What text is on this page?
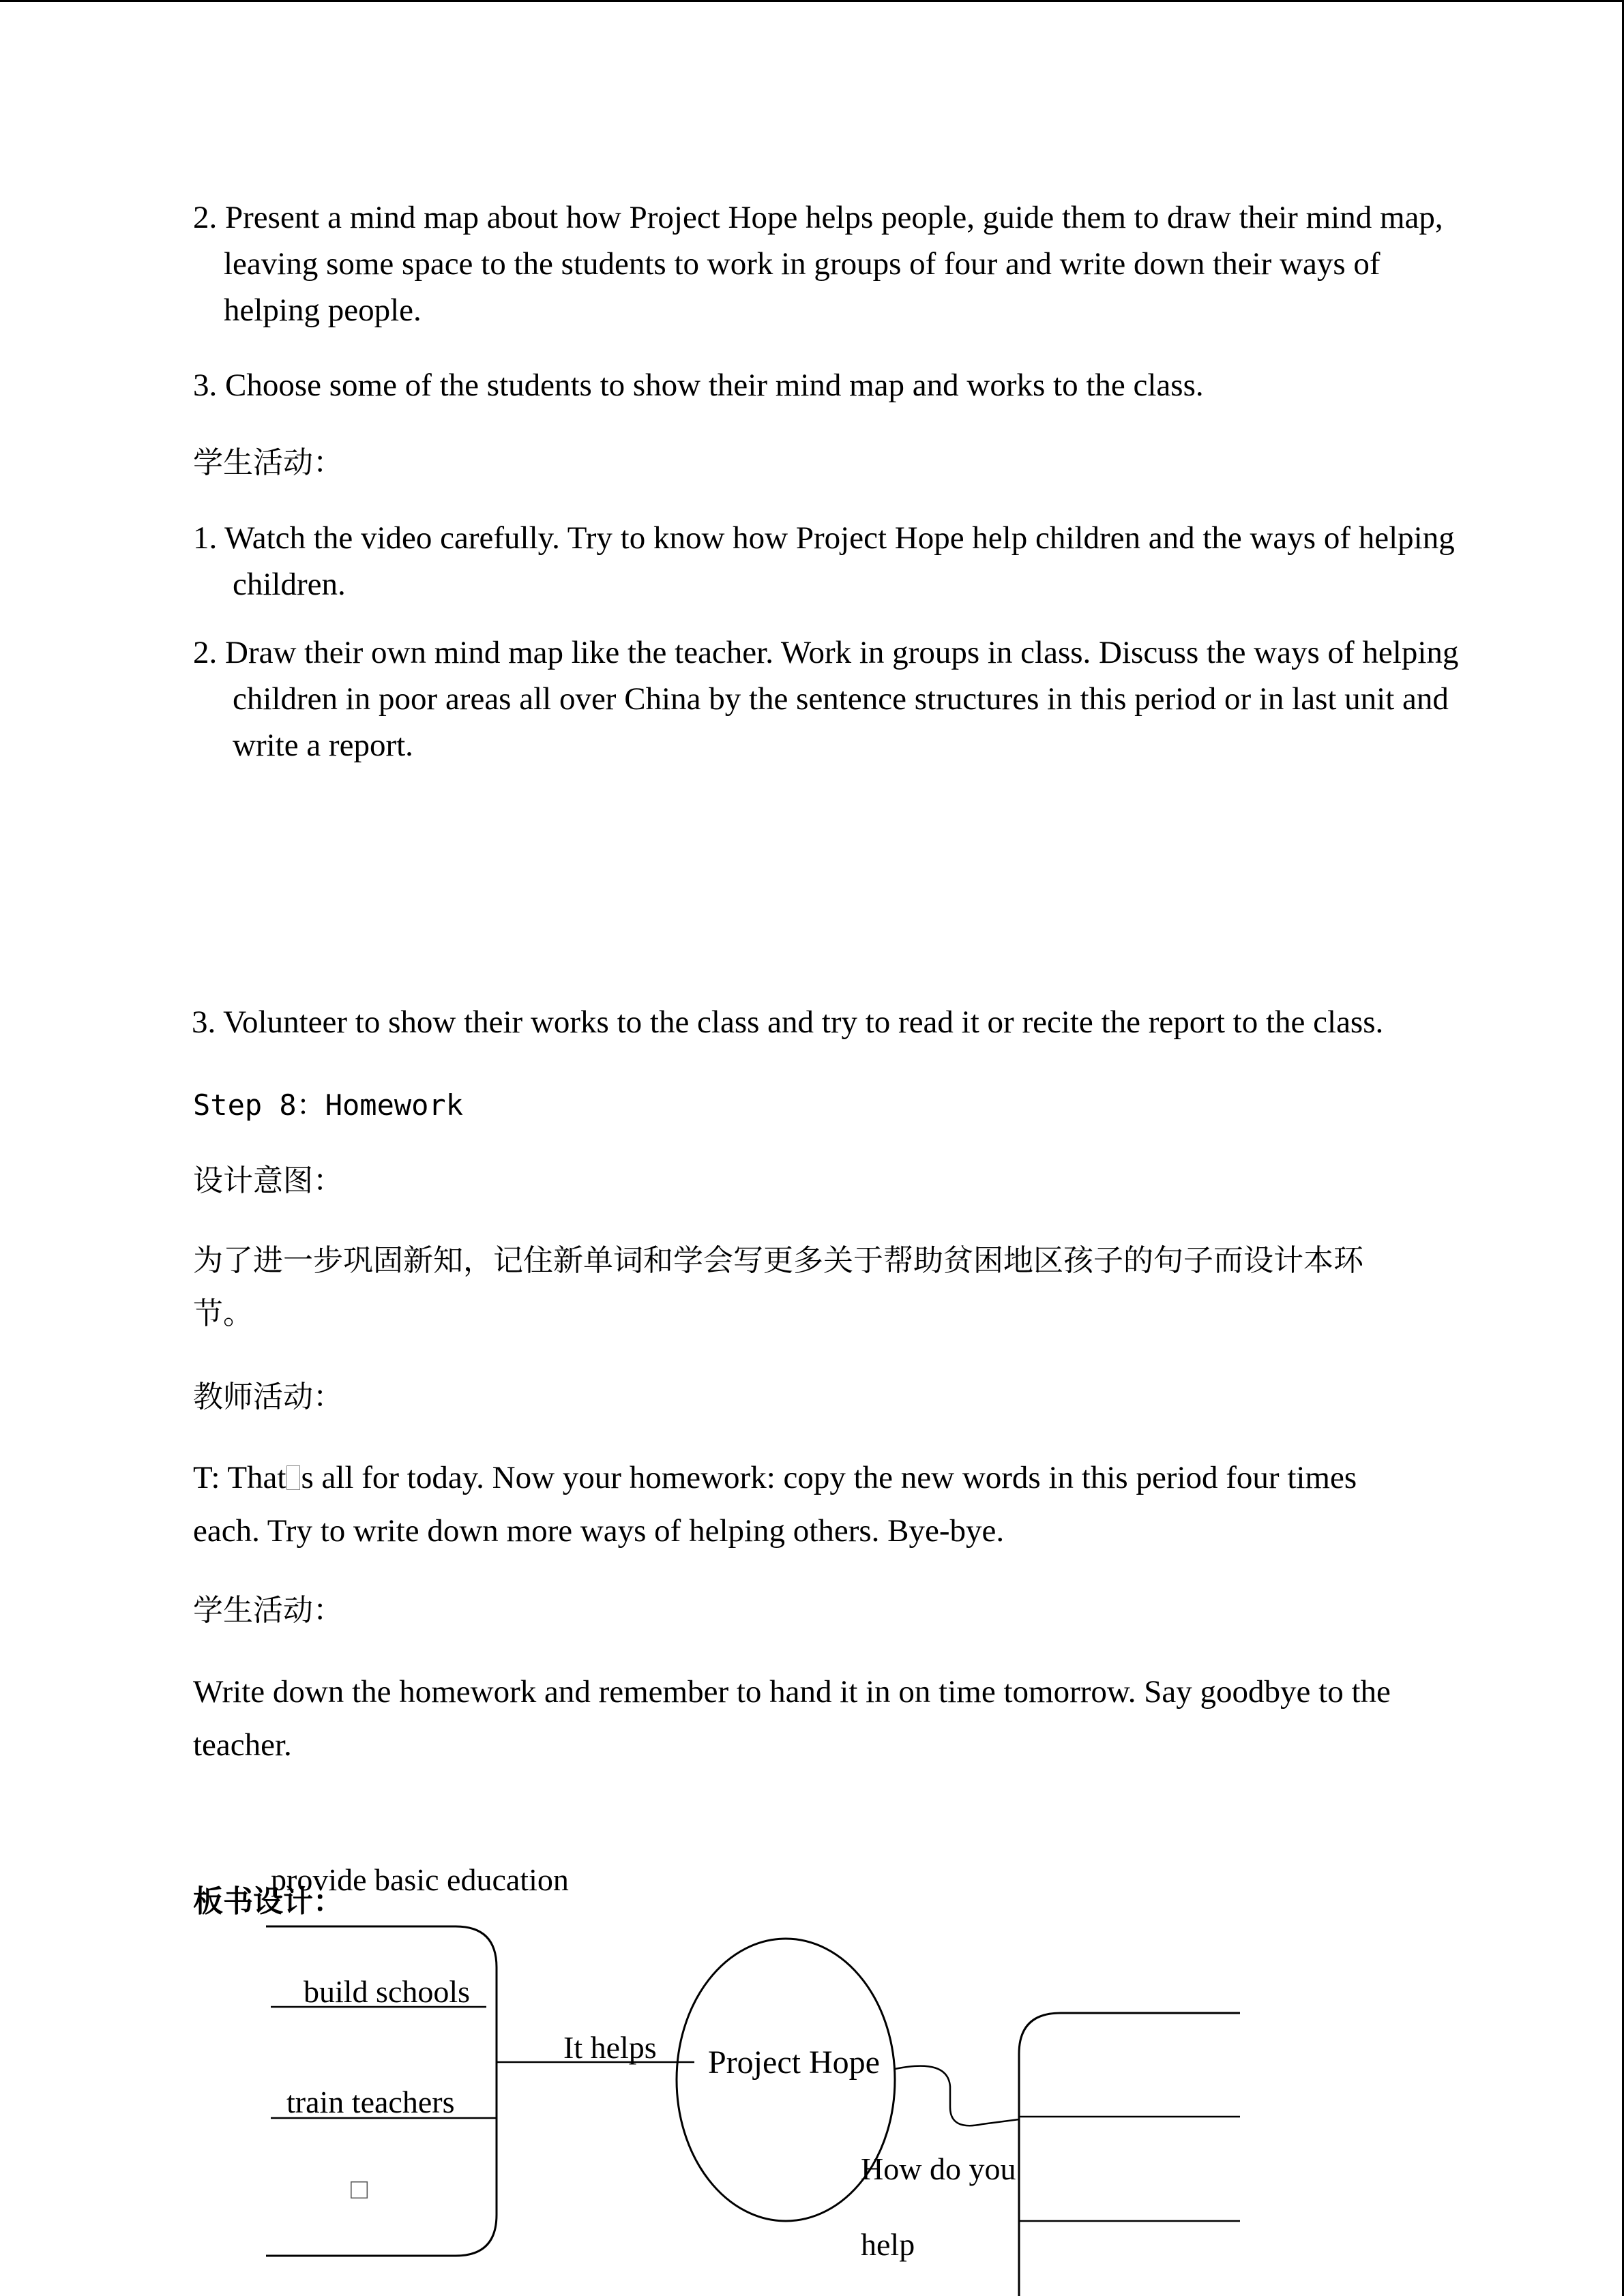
2. Present a mind map about how Project Hope helps people, guide them to draw their mind map, leaving some space to the students to work in groups of four and write down their ways of helping people.

3. Choose some of the students to show their mind map and works to the class.

学生活动：

1. Watch the video carefully. Try to know how Project Hope help children and the ways of helping children.

2. Draw their own mind map like the teacher. Work in groups in class. Discuss the ways of helping children in poor areas all over China by the sentence structures in this period or in last unit and write a report.

3. Volunteer to show their works to the class and try to read it or recite the report to the class.

Step 8：Homework

设计意图：

为了进一步巩固新知，记住新单词和学会写更多关于帮助贫困地区孩子的句子而设计本环节。

教师活动：

T: That s all for today. Now your homework: copy the new words in this period four times each. Try to write down more ways of helping others. Bye-bye.

学生活动：

Write down the homework and remember to hand it in on time tomorrow. Say goodbye to the teacher.

板书设计：

provide basic education
build schools
train teachers
□
It helps Project Hope
How do you
help
